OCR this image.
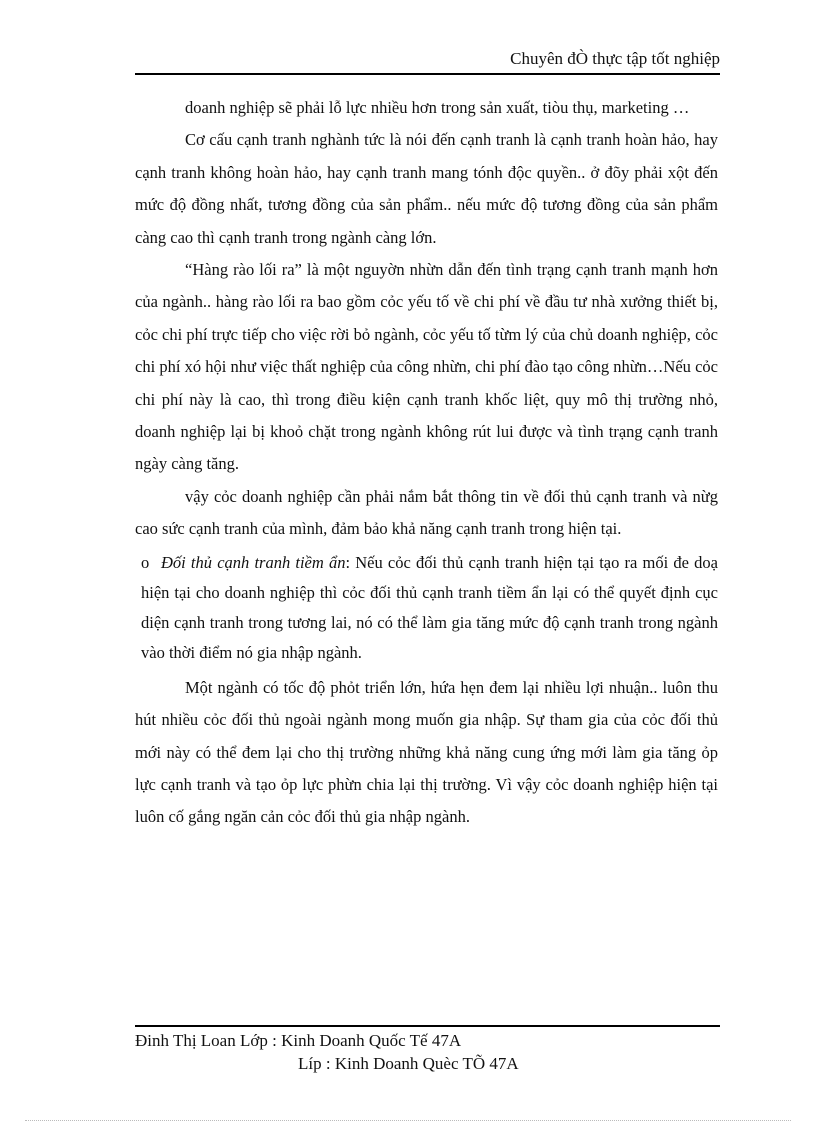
Chuyên đÒ thực tập tốt nghiệp

doanh nghiệp sẽ phải lỗ lực nhiều hơn trong sản xuất, tiòu thụ, marketing …

Cơ cấu cạnh tranh nghành tức là nói đến cạnh tranh là cạnh tranh hoàn hảo, hay cạnh tranh không hoàn hảo, hay cạnh tranh mang tónh độc quyền.. ở đõy phải xột đến mức độ đồng nhất, tương đồng của sản phẩm.. nếu mức độ tương đồng của sản phẩm càng cao thì cạnh tranh trong ngành càng lớn.

“Hàng rào lối ra” là một nguyờn nhừn dẫn đến tình trạng cạnh tranh mạnh hơn của ngành.. hàng rào lối ra bao gồm cỏc yếu tố về chi phí về đầu tư nhà xưởng thiết bị, cỏc chi phí trực tiếp cho việc rời bỏ ngành, cỏc yếu tố từm lý của chủ doanh nghiệp, cỏc chi phí xó hội như việc thất nghiệp của công nhừn, chi phí đào tạo công nhừn…Nếu cỏc chi phí này là cao, thì trong điều kiện cạnh tranh khốc liệt, quy mô thị trường nhỏ, doanh nghiệp lại bị khoỏ chặt trong ngành không rút lui được và tình trạng cạnh tranh ngày càng tăng.

vậy cỏc doanh nghiệp cần phải nắm bắt thông tin về đối thủ cạnh tranh và nừg cao sức cạnh tranh của mình, đảm bảo khả năng cạnh tranh trong hiện tại.

o Đối thủ cạnh tranh tiềm ẩn: Nếu cỏc đối thủ cạnh tranh hiện tại tạo ra mối đe doạ hiện tại cho doanh nghiệp thì cỏc đối thủ cạnh tranh tiềm ẩn lại có thể quyết định cục diện cạnh tranh trong tương lai, nó có thể làm gia tăng mức độ cạnh tranh trong ngành vào thời điểm nó gia nhập ngành.

Một ngành có tốc độ phỏt triển lớn, hứa hẹn đem lại nhiều lợi nhuận.. luôn thu hút nhiều cỏc đối thủ ngoài ngành mong muốn gia nhập. Sự tham gia của cỏc đối thủ mới này có thể đem lại cho thị trường những khả năng cung ứng mới làm gia tăng ỏp lực cạnh tranh và tạo ỏp lực phừn chia lại thị trường. Vì vậy cỏc doanh nghiệp hiện tại luôn cố gắng ngăn cản cỏc đối thủ gia nhập ngành.

Đinh Thị Loan Lớp : Kinh Doanh Quốc Tế 47A
Líp : Kinh Doanh Quèc TÕ 47A
